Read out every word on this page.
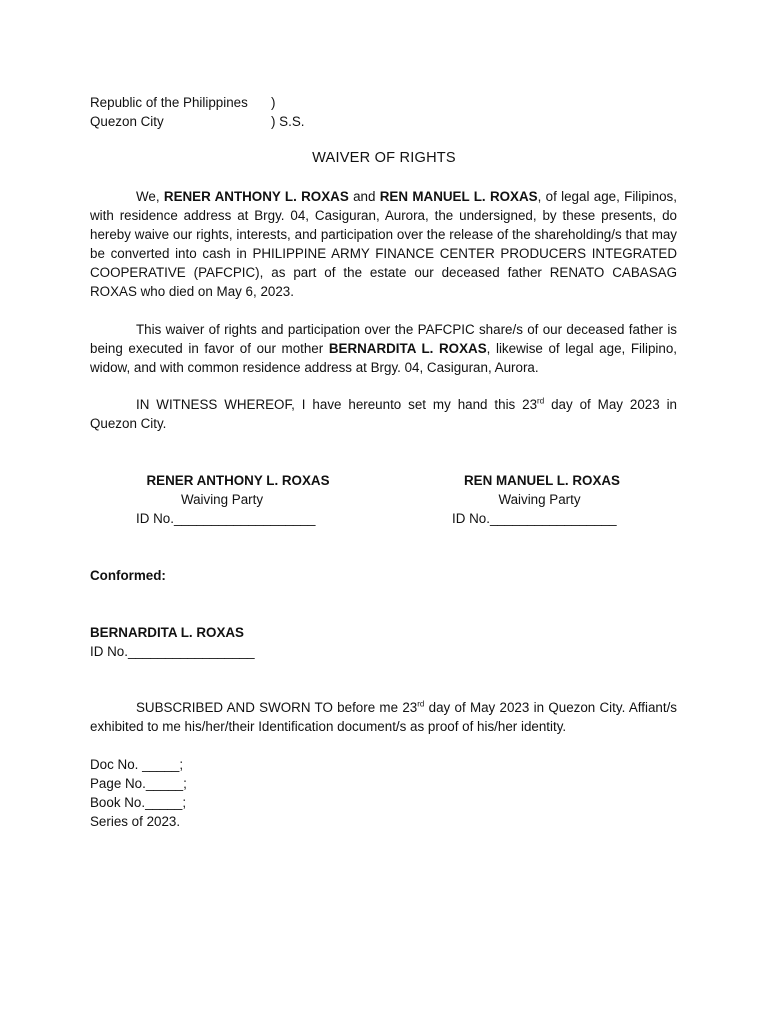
Republic of the Philippines )
Quezon City	) S.S.
WAIVER OF RIGHTS
We, RENER ANTHONY L. ROXAS and REN MANUEL L. ROXAS, of legal age, Filipinos, with residence address at Brgy. 04, Casiguran, Aurora, the undersigned, by these presents, do hereby waive our rights, interests, and participation over the release of the shareholding/s that may be converted into cash in PHILIPPINE ARMY FINANCE CENTER PRODUCERS INTEGRATED COOPERATIVE (PAFCPIC), as part of the estate our deceased father RENATO CABASAG ROXAS who died on May 6, 2023.
This waiver of rights and participation over the PAFCPIC share/s of our deceased father is being executed in favor of our mother BERNARDITA L. ROXAS, likewise of legal age, Filipino, widow, and with common residence address at Brgy. 04, Casiguran, Aurora.
IN WITNESS WHEREOF, I have hereunto set my hand this 23rd day of May 2023 in Quezon City.
RENER ANTHONY L. ROXAS
Waiving Party
ID No.___________________
REN MANUEL L. ROXAS
Waiving Party
ID No._________________
Conformed:
BERNARDITA L. ROXAS
ID No._________________
SUBSCRIBED AND SWORN TO before me 23rd day of May 2023 in Quezon City. Affiant/s exhibited to me his/her/their Identification document/s as proof of his/her identity.
Doc No. _____;
Page No._____;
Book No._____;
Series of 2023.
